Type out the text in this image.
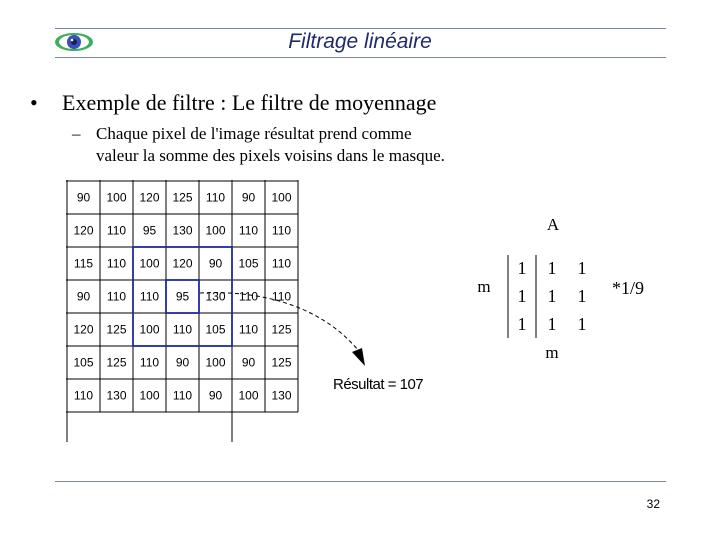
Filtrage linéaire
• Exemple de filtre : Le filtre de moyennage
– Chaque pixel de l'image résultat prend comme
valeur la somme des pixels voisins dans le masque.
90 100 120 125 110 90 100
120 110 95 130 100 110 110
115 110 100 120 90 105 110
90 110 110 95 130 110 110
120 125 100 110 105 110 125
105 125 110 90 100 90 125
110 130 100 110 90 100 130
Résultat = 107
1 1 1
1 1 1
1 1 1
A
m
m
*1/9
32
